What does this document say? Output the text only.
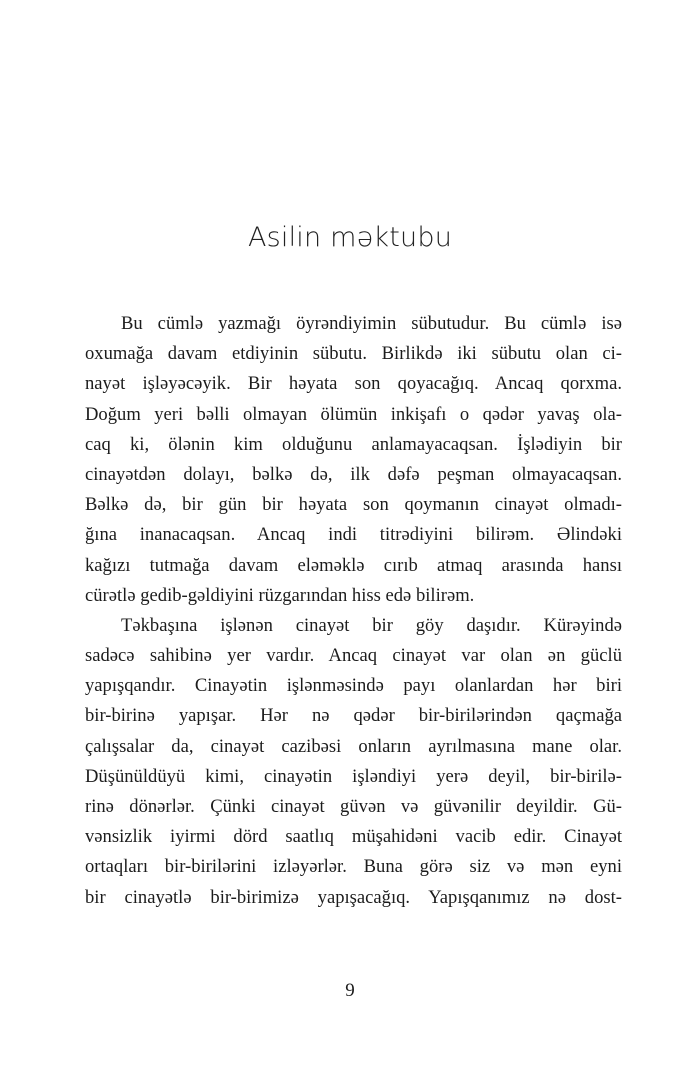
Asilin məktubu
Bu cümlə yazmağı öyrəndiyimin sübutudur. Bu cümlə isə
oxumağa davam etdiyinin sübutu. Birlikdə iki sübutu olan ci-
nayət işləyəcəyik. Bir həyata son qoyacağıq. Ancaq qorxma.
Doğum yeri bəlli olmayan ölümün inkişafı o qədər yavaş ola-
caq ki, ölənin kim olduğunu anlamayacaqsan. İşlədiyin bir
cinayətdən dolayı, bəlkə də, ilk dəfə peşman olmayacaqsan.
Bəlkə də, bir gün bir həyata son qoymanın cinayət olmadı-
ğına inanacaqsan. Ancaq indi titrədiyini bilirəm. Əlindəki
kağızı tutmağa davam eləməklə cırıb atmaq arasında hansı
cürətlə gedib-gəldiyini rüzgarından hiss edə bilirəm.
Təkbaşına işlənən cinayət bir göy daşıdır. Kürəyində
sadəcə sahibinə yer vardır. Ancaq cinayət var olan ən güclü
yapışqandır. Cinayətin işlənməsində payı olanlardan hər biri
bir-birinə yapışar. Hər nə qədər bir-birilərindən qaçmağa
çalışsalar da, cinayət cazibəsi onların ayrılmasına mane olar.
Düşünüldüyü kimi, cinayətin işləndiyi yerə deyil, bir-birilə-
rinə dönərlər. Çünki cinayət güvən və güvənilir deyildir. Gü-
vənsizlik iyirmi dörd saatlıq müşahidəni vacib edir. Cinayət
ortaqları bir-birilərini izləyərlər. Buna görə siz və mən eyni
bir cinayətlə bir-birimizə yapışacağıq. Yapışqanımız nə dost-
9
